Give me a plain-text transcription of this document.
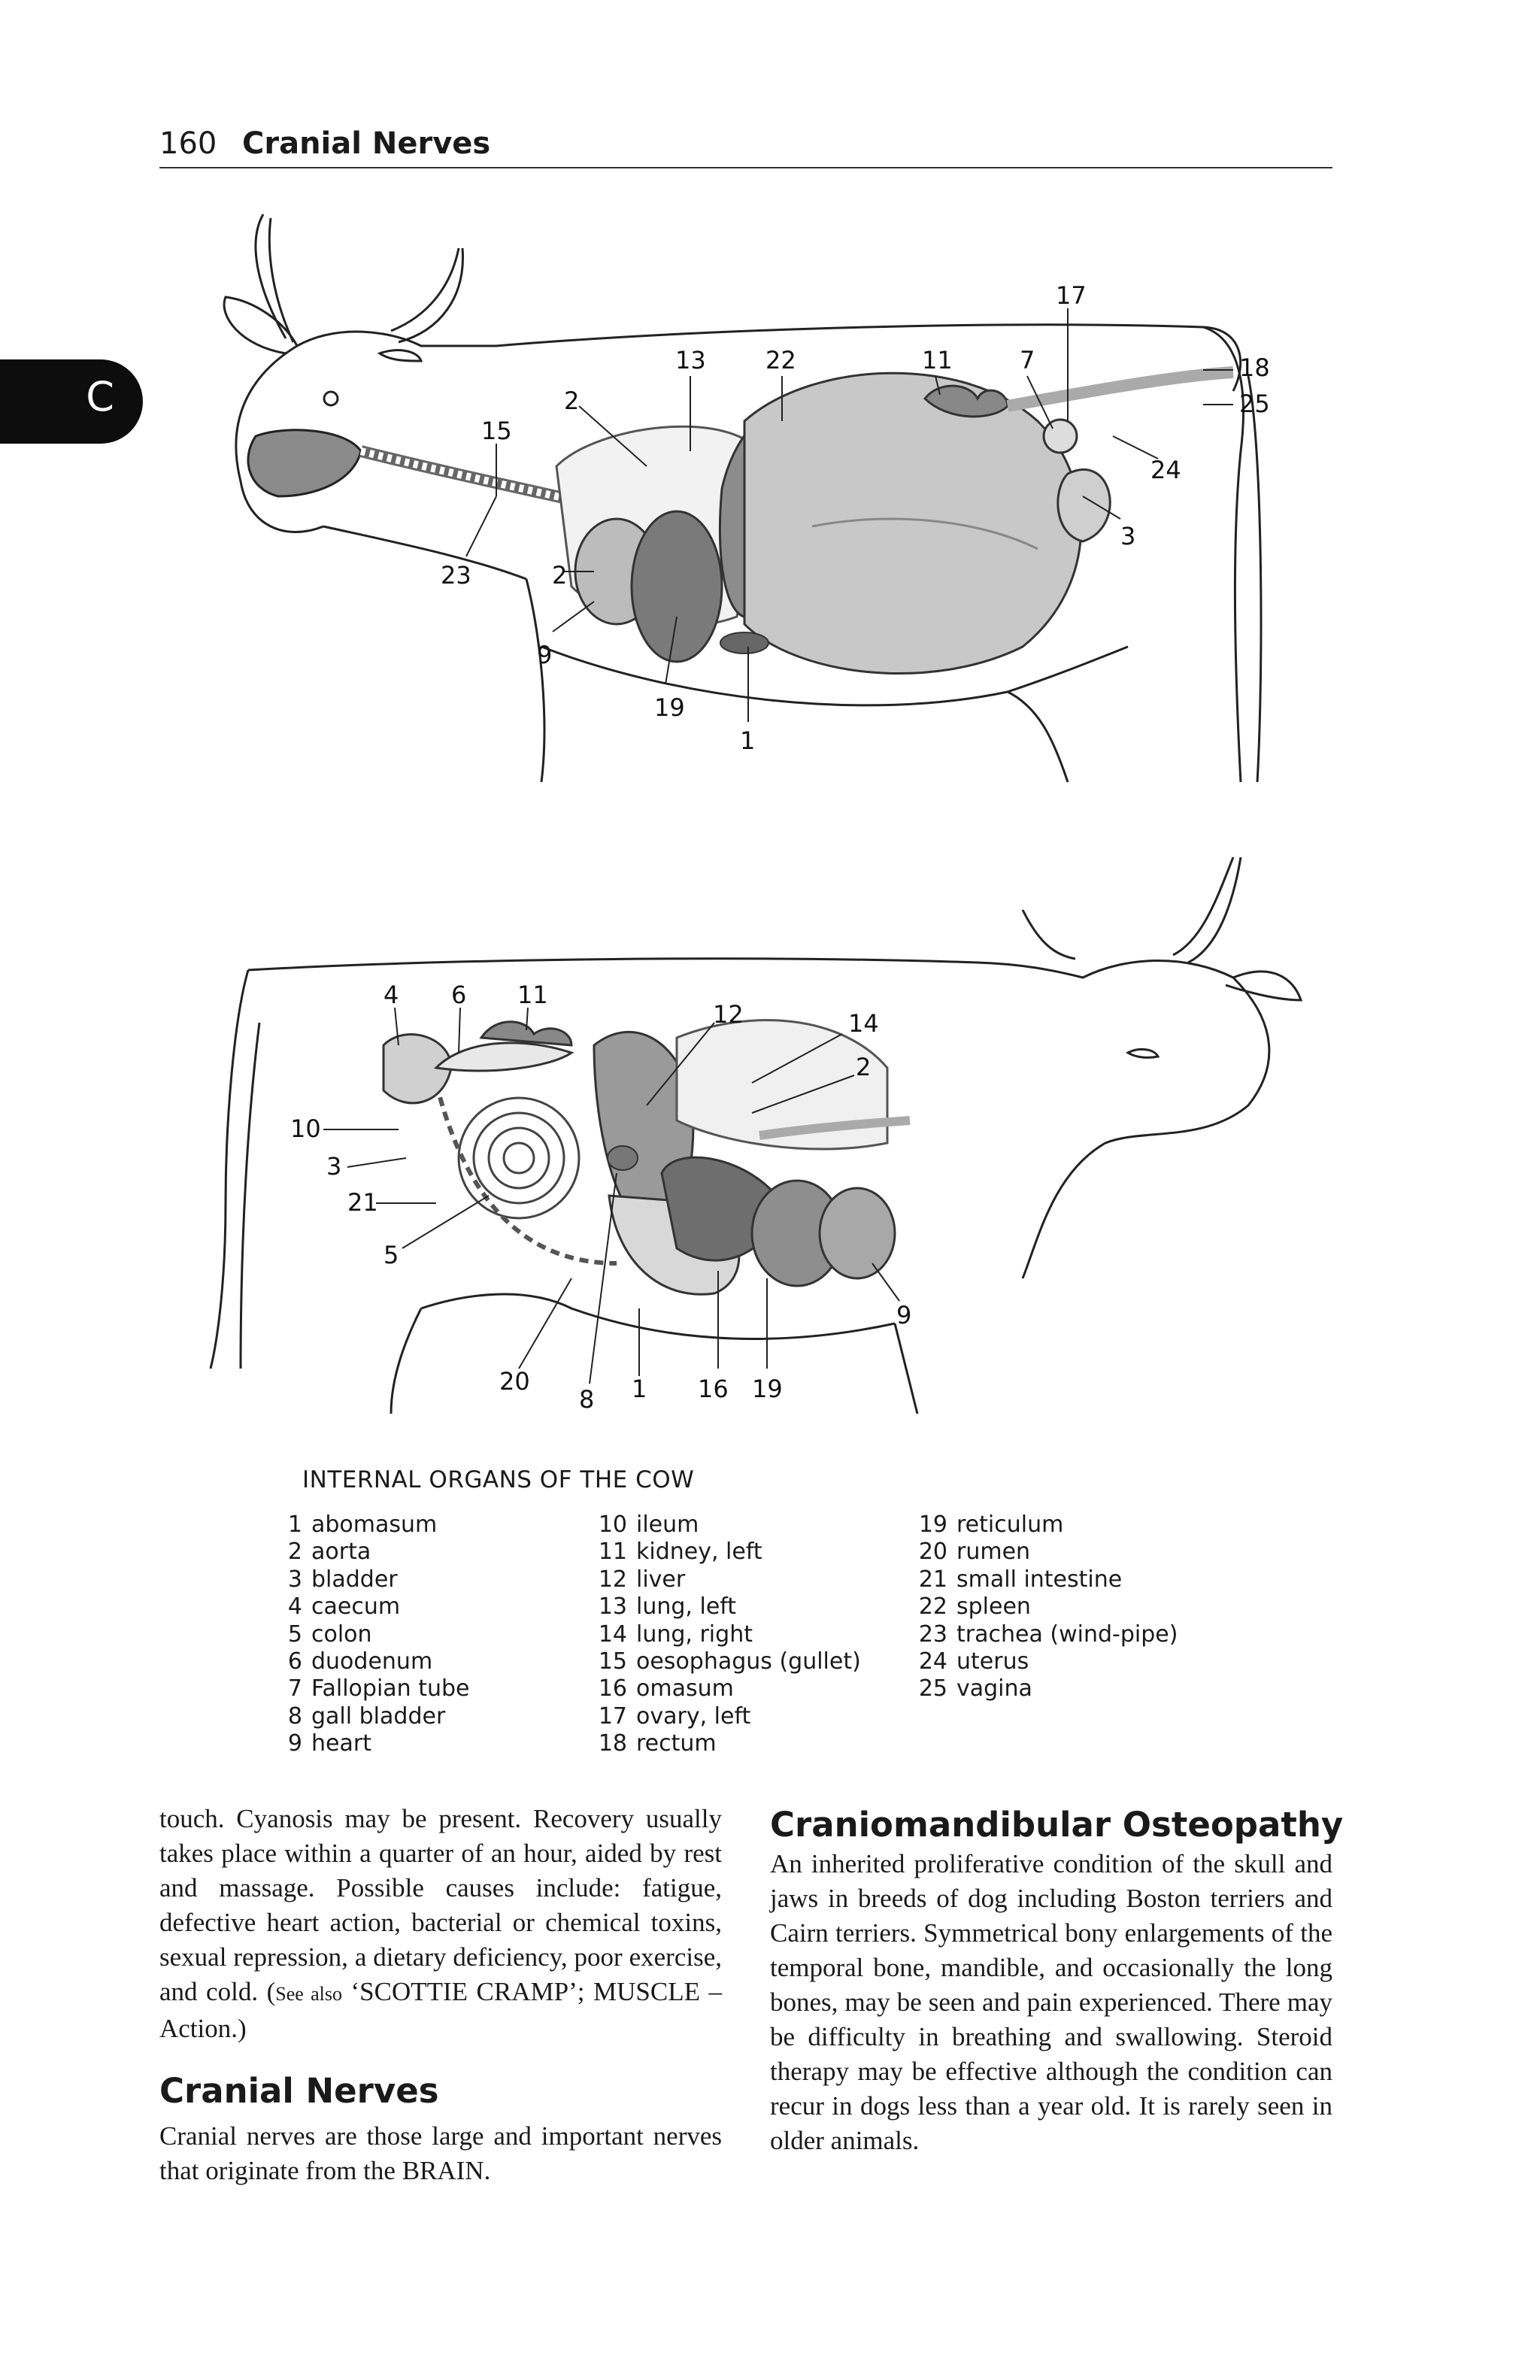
160 Cranial Nerves
C
17
13 22	11	7	18
25
2
15
24
3
23	2
9
19
1
4 6 11
12	14
2
10
3
21
5
9
20
8 1 16 19
INTERNAL ORGANS OF THE COW
1 abomasum
2 aorta
3 bladder
4 caecum
5 colon
6 duodenum
7 Fallopian tube
8 gall bladder
9 heart
10 ileum
11 kidney, left
12 liver
13 lung, left
14 lung, right
15 oesophagus (gullet)
16 omasum
17 ovary, left
18 rectum
19 reticulum
20 rumen
21 small intestine
22 spleen
23 trachea (wind-pipe)
24 uterus
25 vagina

touch. Cyanosis may be present. Recovery usually takes place within a quarter of an hour, aided by rest and massage. Possible causes include: fatigue, defective heart action, bacterial or chemical toxins, sexual repression, a dietary deficiency, poor exercise, and cold. (See also ‘SCOTTIE CRAMP’; MUSCLE – Action.)

Cranial Nerves

Cranial nerves are those large and important nerves that originate from the BRAIN.

Craniomandibular Osteopathy

An inherited proliferative condition of the skull and jaws in breeds of dog including Boston terriers and Cairn terriers. Symmetrical bony enlargements of the temporal bone, mandible, and occasionally the long bones, may be seen and pain experienced. There may be difficulty in breathing and swallowing. Steroid therapy may be effective although the condition can recur in dogs less than a year old. It is rarely seen in older animals.
